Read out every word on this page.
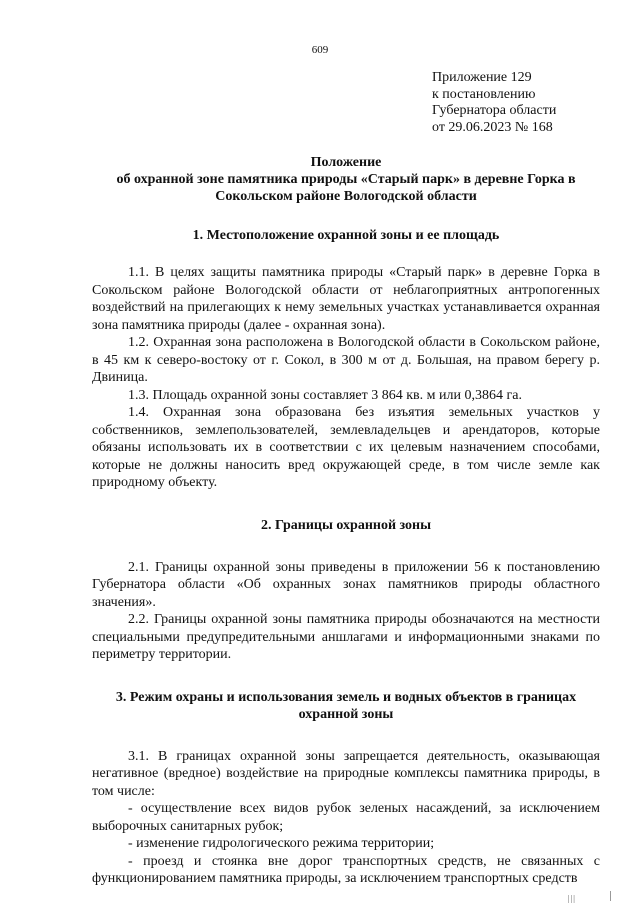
609
Приложение 129
к постановлению
Губернатора области
от 29.06.2023 № 168
Положение
об охранной зоне памятника природы «Старый парк» в деревне Горка в
Сокольском районе Вологодской области
1. Местоположение охранной зоны и ее площадь

1.1. В целях защиты памятника природы «Старый парк» в деревне Горка в Сокольском районе Вологодской области от неблагоприятных антропогенных воздействий на прилегающих к нему земельных участках устанавливается охранная зона памятника природы (далее - охранная зона).

1.2. Охранная зона расположена в Вологодской области в Сокольском районе, в 45 км к северо-востоку от г. Сокол, в 300 м от д. Большая, на правом берегу р. Двиница.

1.3. Площадь охранной зоны составляет 3 864 кв. м или 0,3864 га.

1.4. Охранная зона образована без изъятия земельных участков у собственников, землепользователей, землевладельцев и арендаторов, которые обязаны использовать их в соответствии с их целевым назначением способами, которые не должны наносить вред окружающей среде, в том числе земле как природному объекту.

2. Границы охранной зоны

2.1. Границы охранной зоны приведены в приложении 56 к постановлению Губернатора области «Об охранных зонах памятников природы областного значения».

2.2. Границы охранной зоны памятника природы обозначаются на местности специальными предупредительными аншлагами и информационными знаками по периметру территории.

3. Режим охраны и использования земель и водных объектов в границах
охранной зоны

3.1. В границах охранной зоны запрещается деятельность, оказывающая негативное (вредное) воздействие на природные комплексы памятника природы, в том числе:

- осуществление всех видов рубок зеленых насаждений, за исключением выборочных санитарных рубок;

- изменение гидрологического режима территории;

- проезд и стоянка вне дорог транспортных средств, не связанных с функционированием памятника природы, за исключением транспортных средств

|||
